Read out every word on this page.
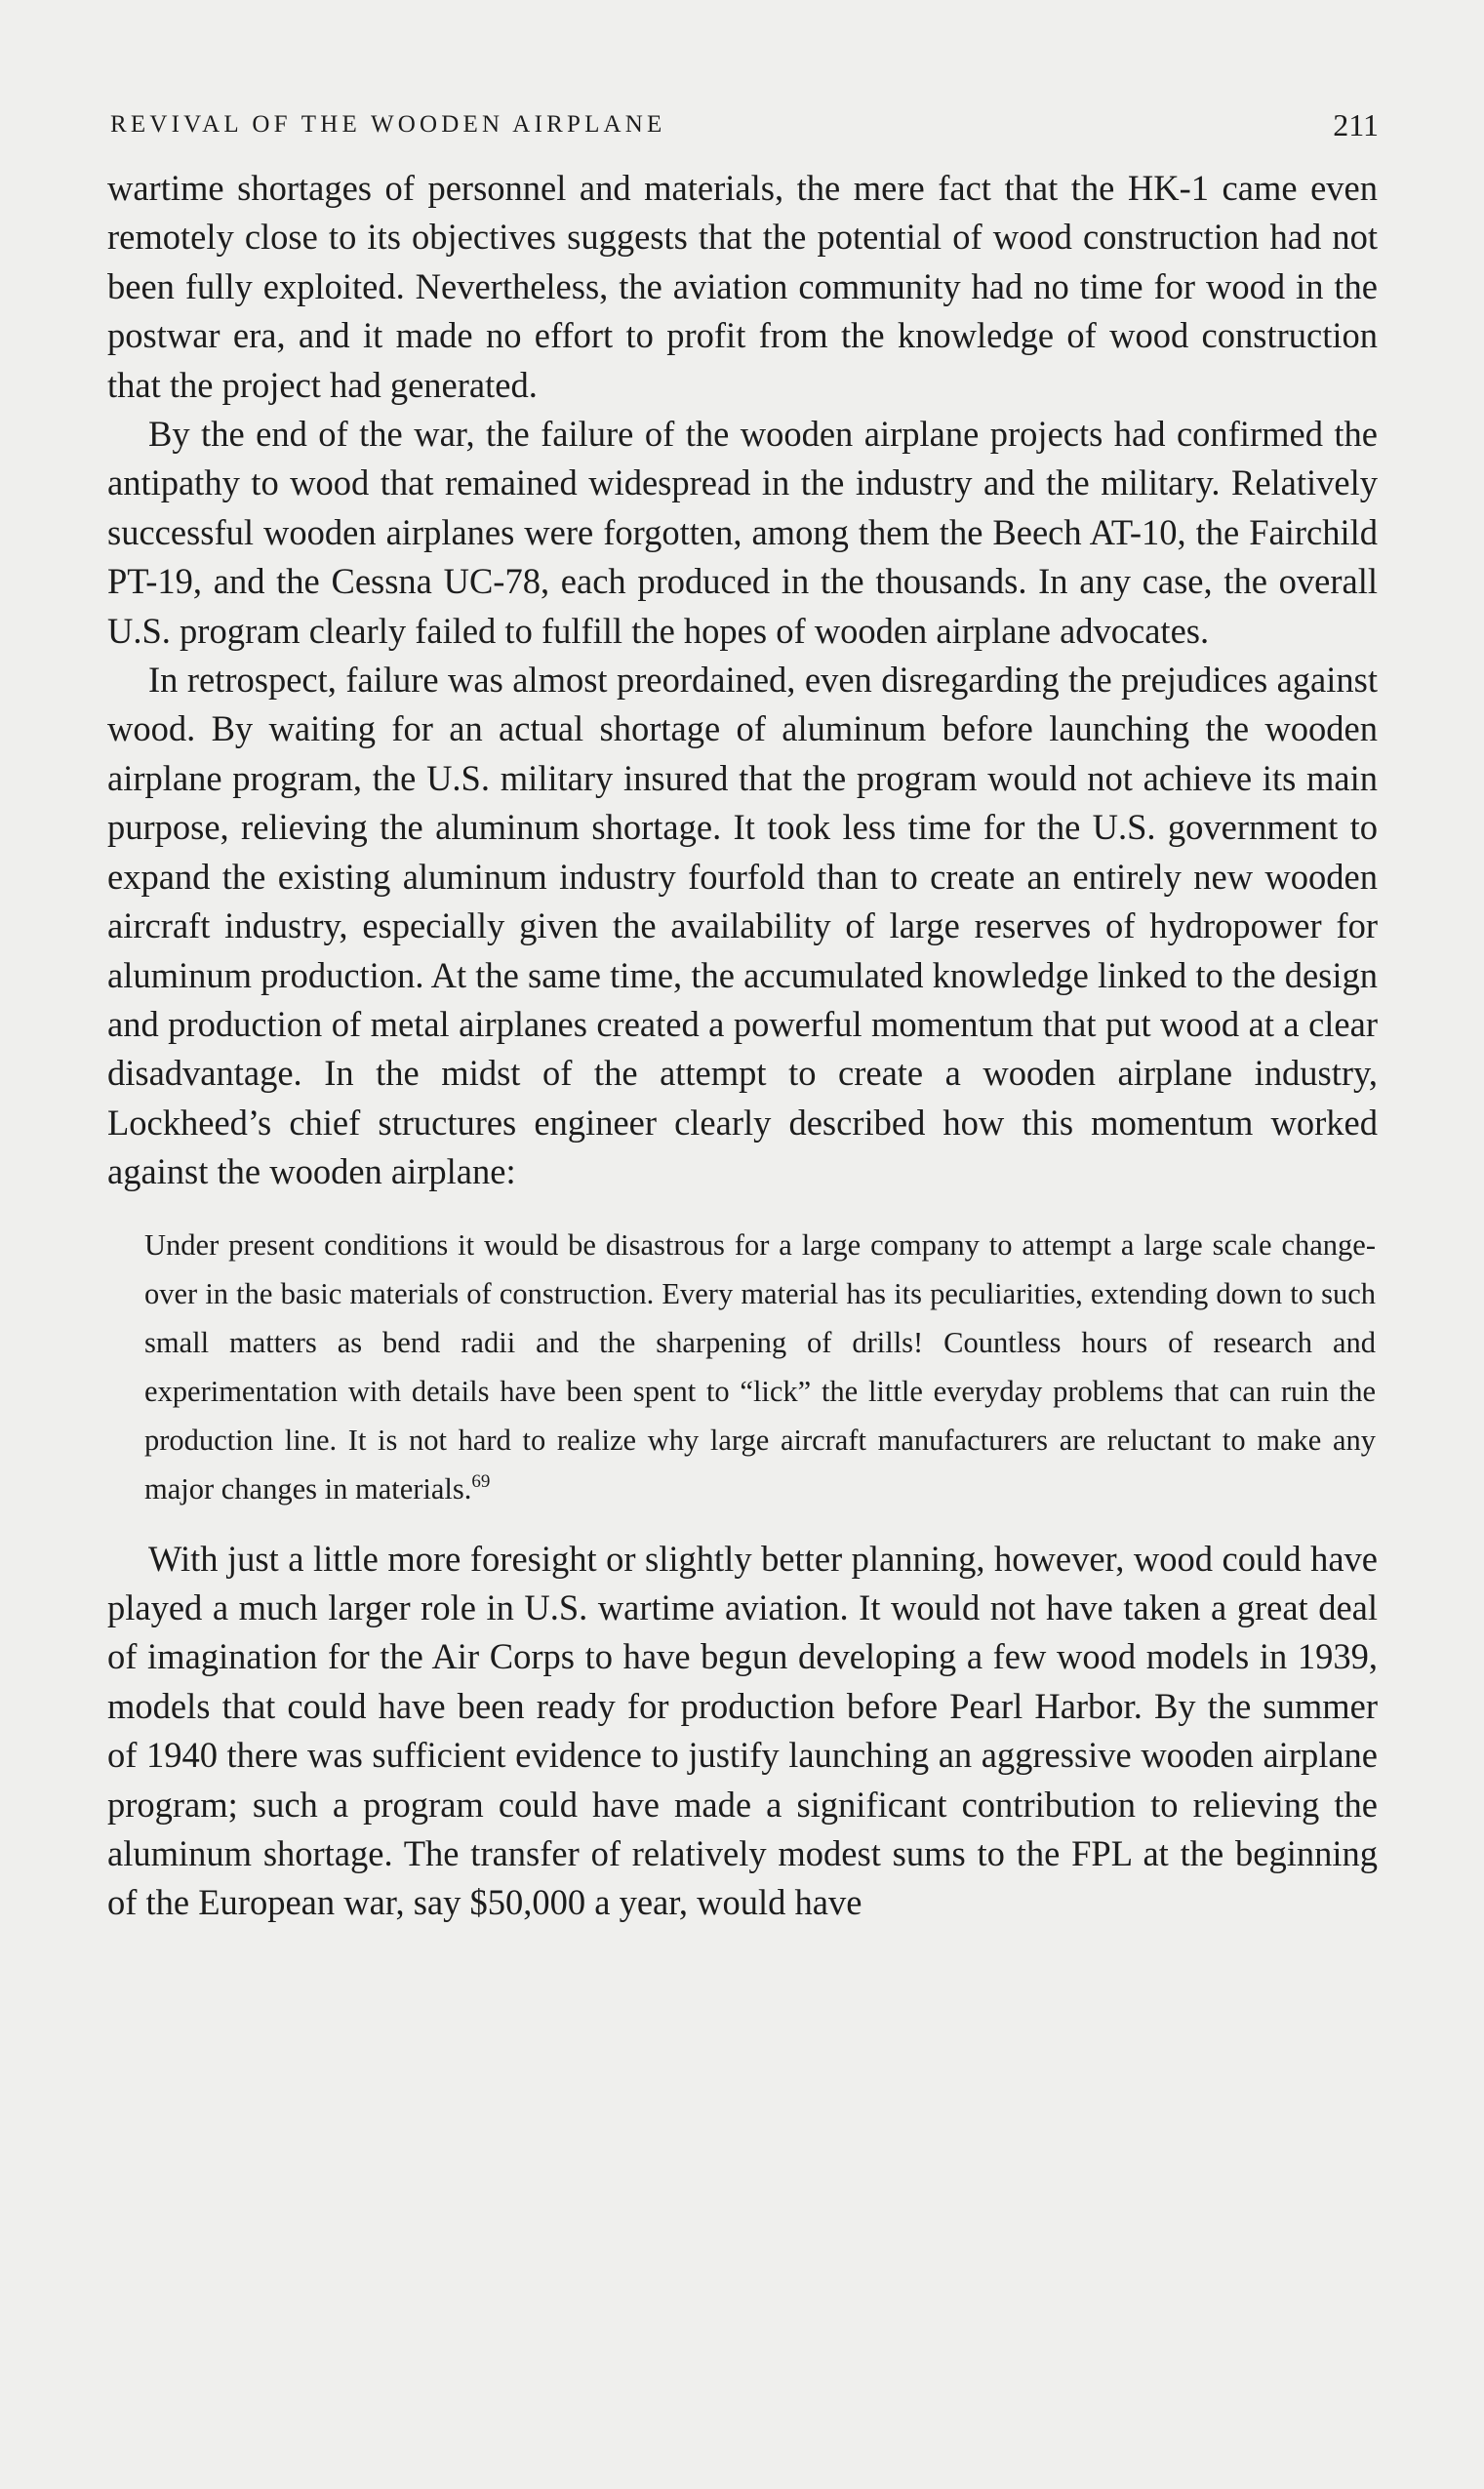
REVIVAL OF THE WOODEN AIRPLANE	211

wartime shortages of personnel and materials, the mere fact that the HK-1 came even remotely close to its objectives suggests that the potential of wood construction had not been fully exploited. Nevertheless, the aviation community had no time for wood in the postwar era, and it made no effort to profit from the knowledge of wood construction that the project had generated.

By the end of the war, the failure of the wooden airplane projects had confirmed the antipathy to wood that remained widespread in the industry and the military. Relatively successful wooden airplanes were forgotten, among them the Beech AT-10, the Fairchild PT-19, and the Cessna UC-78, each produced in the thousands. In any case, the overall U.S. program clearly failed to fulfill the hopes of wooden airplane advocates.

In retrospect, failure was almost preordained, even disregarding the prejudices against wood. By waiting for an actual shortage of aluminum before launching the wooden airplane program, the U.S. military insured that the program would not achieve its main purpose, relieving the aluminum shortage. It took less time for the U.S. government to expand the existing aluminum industry fourfold than to create an entirely new wooden aircraft industry, especially given the availability of large reserves of hydropower for aluminum production. At the same time, the accumulated knowledge linked to the design and production of metal airplanes created a powerful momentum that put wood at a clear disadvantage. In the midst of the attempt to create a wooden airplane industry, Lockheed’s chief structures engineer clearly described how this momentum worked against the wooden airplane:

Under present conditions it would be disastrous for a large company to attempt a large scale change-over in the basic materials of construction. Every material has its peculiarities, extending down to such small matters as bend radii and the sharpening of drills! Countless hours of research and experimentation with details have been spent to “lick” the little everyday problems that can ruin the production line. It is not hard to realize why large aircraft manufacturers are reluctant to make any major changes in materials.$^{69}$

With just a little more foresight or slightly better planning, however, wood could have played a much larger role in U.S. wartime aviation. It would not have taken a great deal of imagination for the Air Corps to have begun developing a few wood models in 1939, models that could have been ready for production before Pearl Harbor. By the summer of 1940 there was sufficient evidence to justify launching an aggressive wooden airplane program; such a program could have made a significant contribution to relieving the aluminum shortage. The transfer of relatively modest sums to the FPL at the beginning of the European war, say $50,000 a year, would have
